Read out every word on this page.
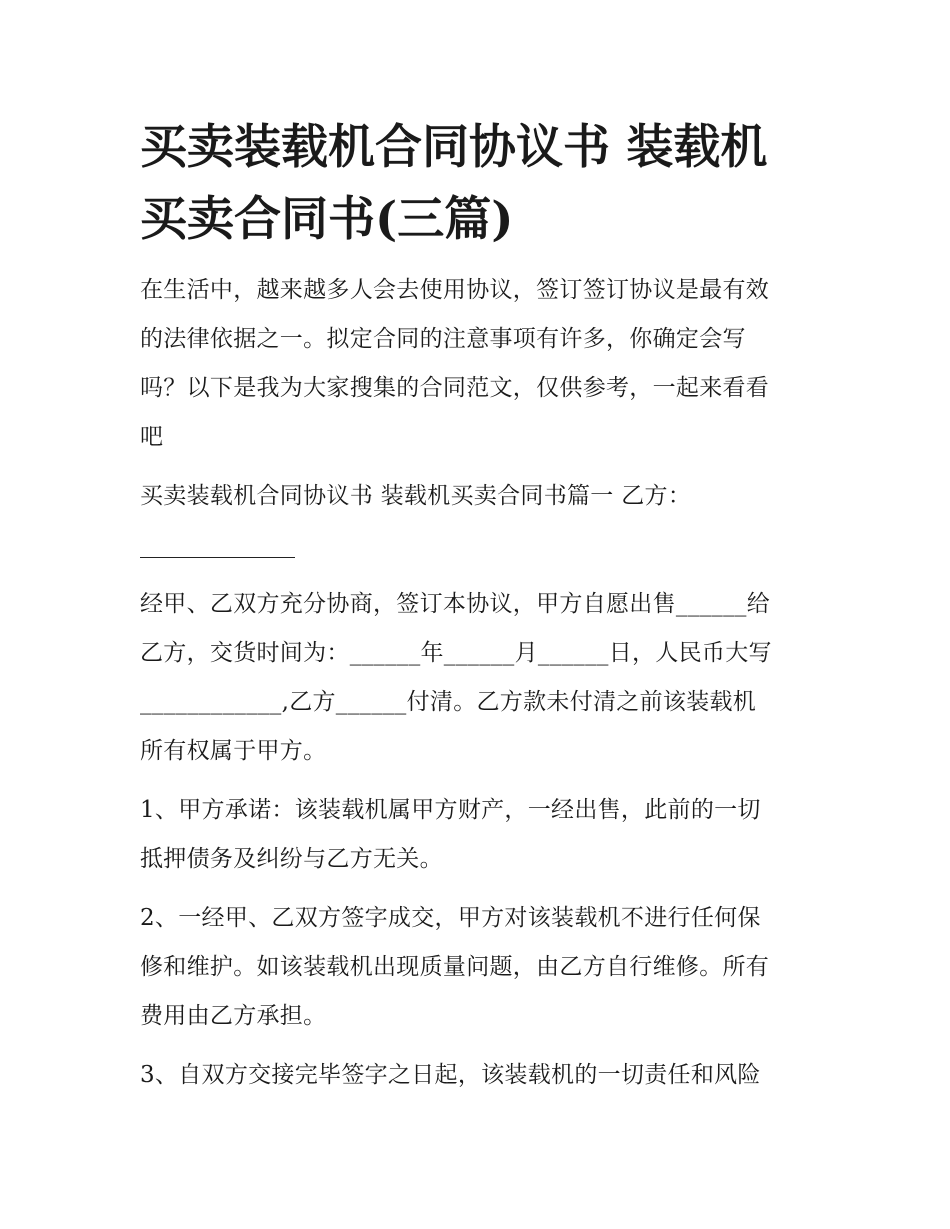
买卖装载机合同协议书 装载机
买卖合同书(三篇)

在生活中，越来越多人会去使用协议，签订签订协议是最有效

的法律依据之一。拟定合同的注意事项有许多，你确定会写

吗？以下是我为大家搜集的合同范文，仅供参考，一起来看看

吧

买卖装载机合同协议书 装载机买卖合同书篇一 乙方：

经甲、乙双方充分协商，签订本协议，甲方自愿出售______给

乙方，交货时间为：______年______月______日，人民币大写

____________,乙方______付清。乙方款未付清之前该装载机

所有权属于甲方。

1、甲方承诺：该装载机属甲方财产，一经出售，此前的一切

抵押债务及纠纷与乙方无关。

2、一经甲、乙双方签字成交，甲方对该装载机不进行任何保

修和维护。如该装载机出现质量问题，由乙方自行维修。所有

费用由乙方承担。

3、自双方交接完毕签字之日起，该装载机的一切责任和风险
